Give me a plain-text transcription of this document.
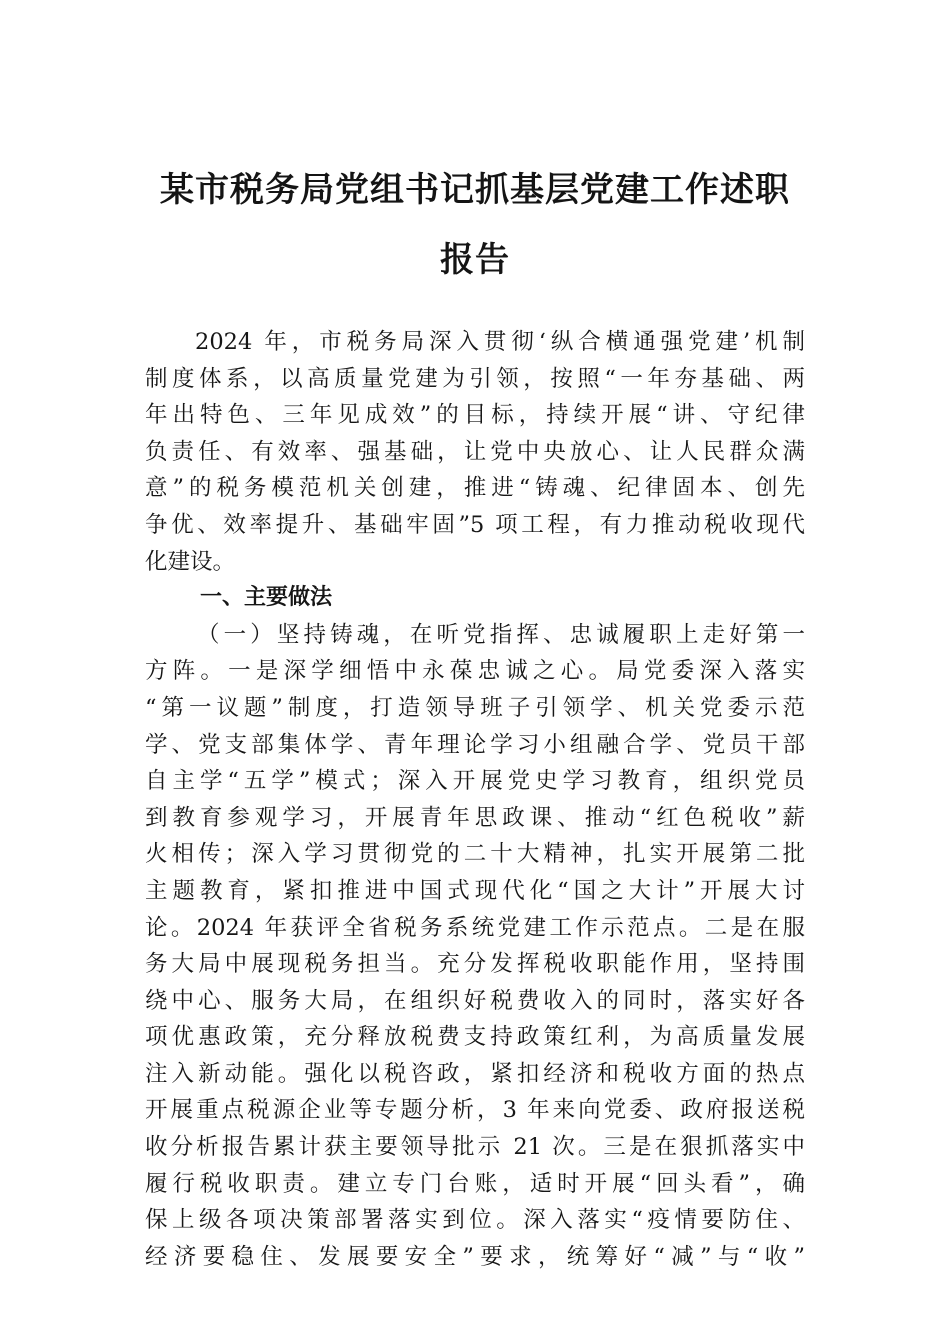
某市税务局党组书记抓基层党建工作述职
报告
2024 年，市税务局深入贯彻‘纵合横通强党建’机制
制度体系，以高质量党建为引领，按照“一年夯基础、两
年出特色、三年见成效”的目标，持续开展“讲、守纪律
负责任、有效率、强基础，让党中央放心、让人民群众满
意”的税务模范机关创建，推进“铸魂、纪律固本、创先
争优、效率提升、基础牢固”5 项工程，有力推动税收现代
化建设。
一、主要做法
（一）坚持铸魂，在听党指挥、忠诚履职上走好第一
方阵。一是深学细悟中永葆忠诚之心。局党委深入落实
“第一议题”制度，打造领导班子引领学、机关党委示范
学、党支部集体学、青年理论学习小组融合学、党员干部
自主学“五学”模式；深入开展党史学习教育，组织党员
到教育参观学习，开展青年思政课、推动“红色税收”薪
火相传；深入学习贯彻党的二十大精神，扎实开展第二批
主题教育，紧扣推进中国式现代化“国之大计”开展大讨
论。2024 年获评全省税务系统党建工作示范点。二是在服
务大局中展现税务担当。充分发挥税收职能作用，坚持围
绕中心、服务大局，在组织好税费收入的同时，落实好各
项优惠政策，充分释放税费支持政策红利，为高质量发展
注入新动能。强化以税咨政，紧扣经济和税收方面的热点
开展重点税源企业等专题分析，3 年来向党委、政府报送税
收分析报告累计获主要领导批示 21 次。三是在狠抓落实中
履行税收职责。建立专门台账，适时开展“回头看”，确
保上级各项决策部署落实到位。深入落实“疫情要防住、
经济要稳住、发展要安全”要求，统筹好“减”与“收”
